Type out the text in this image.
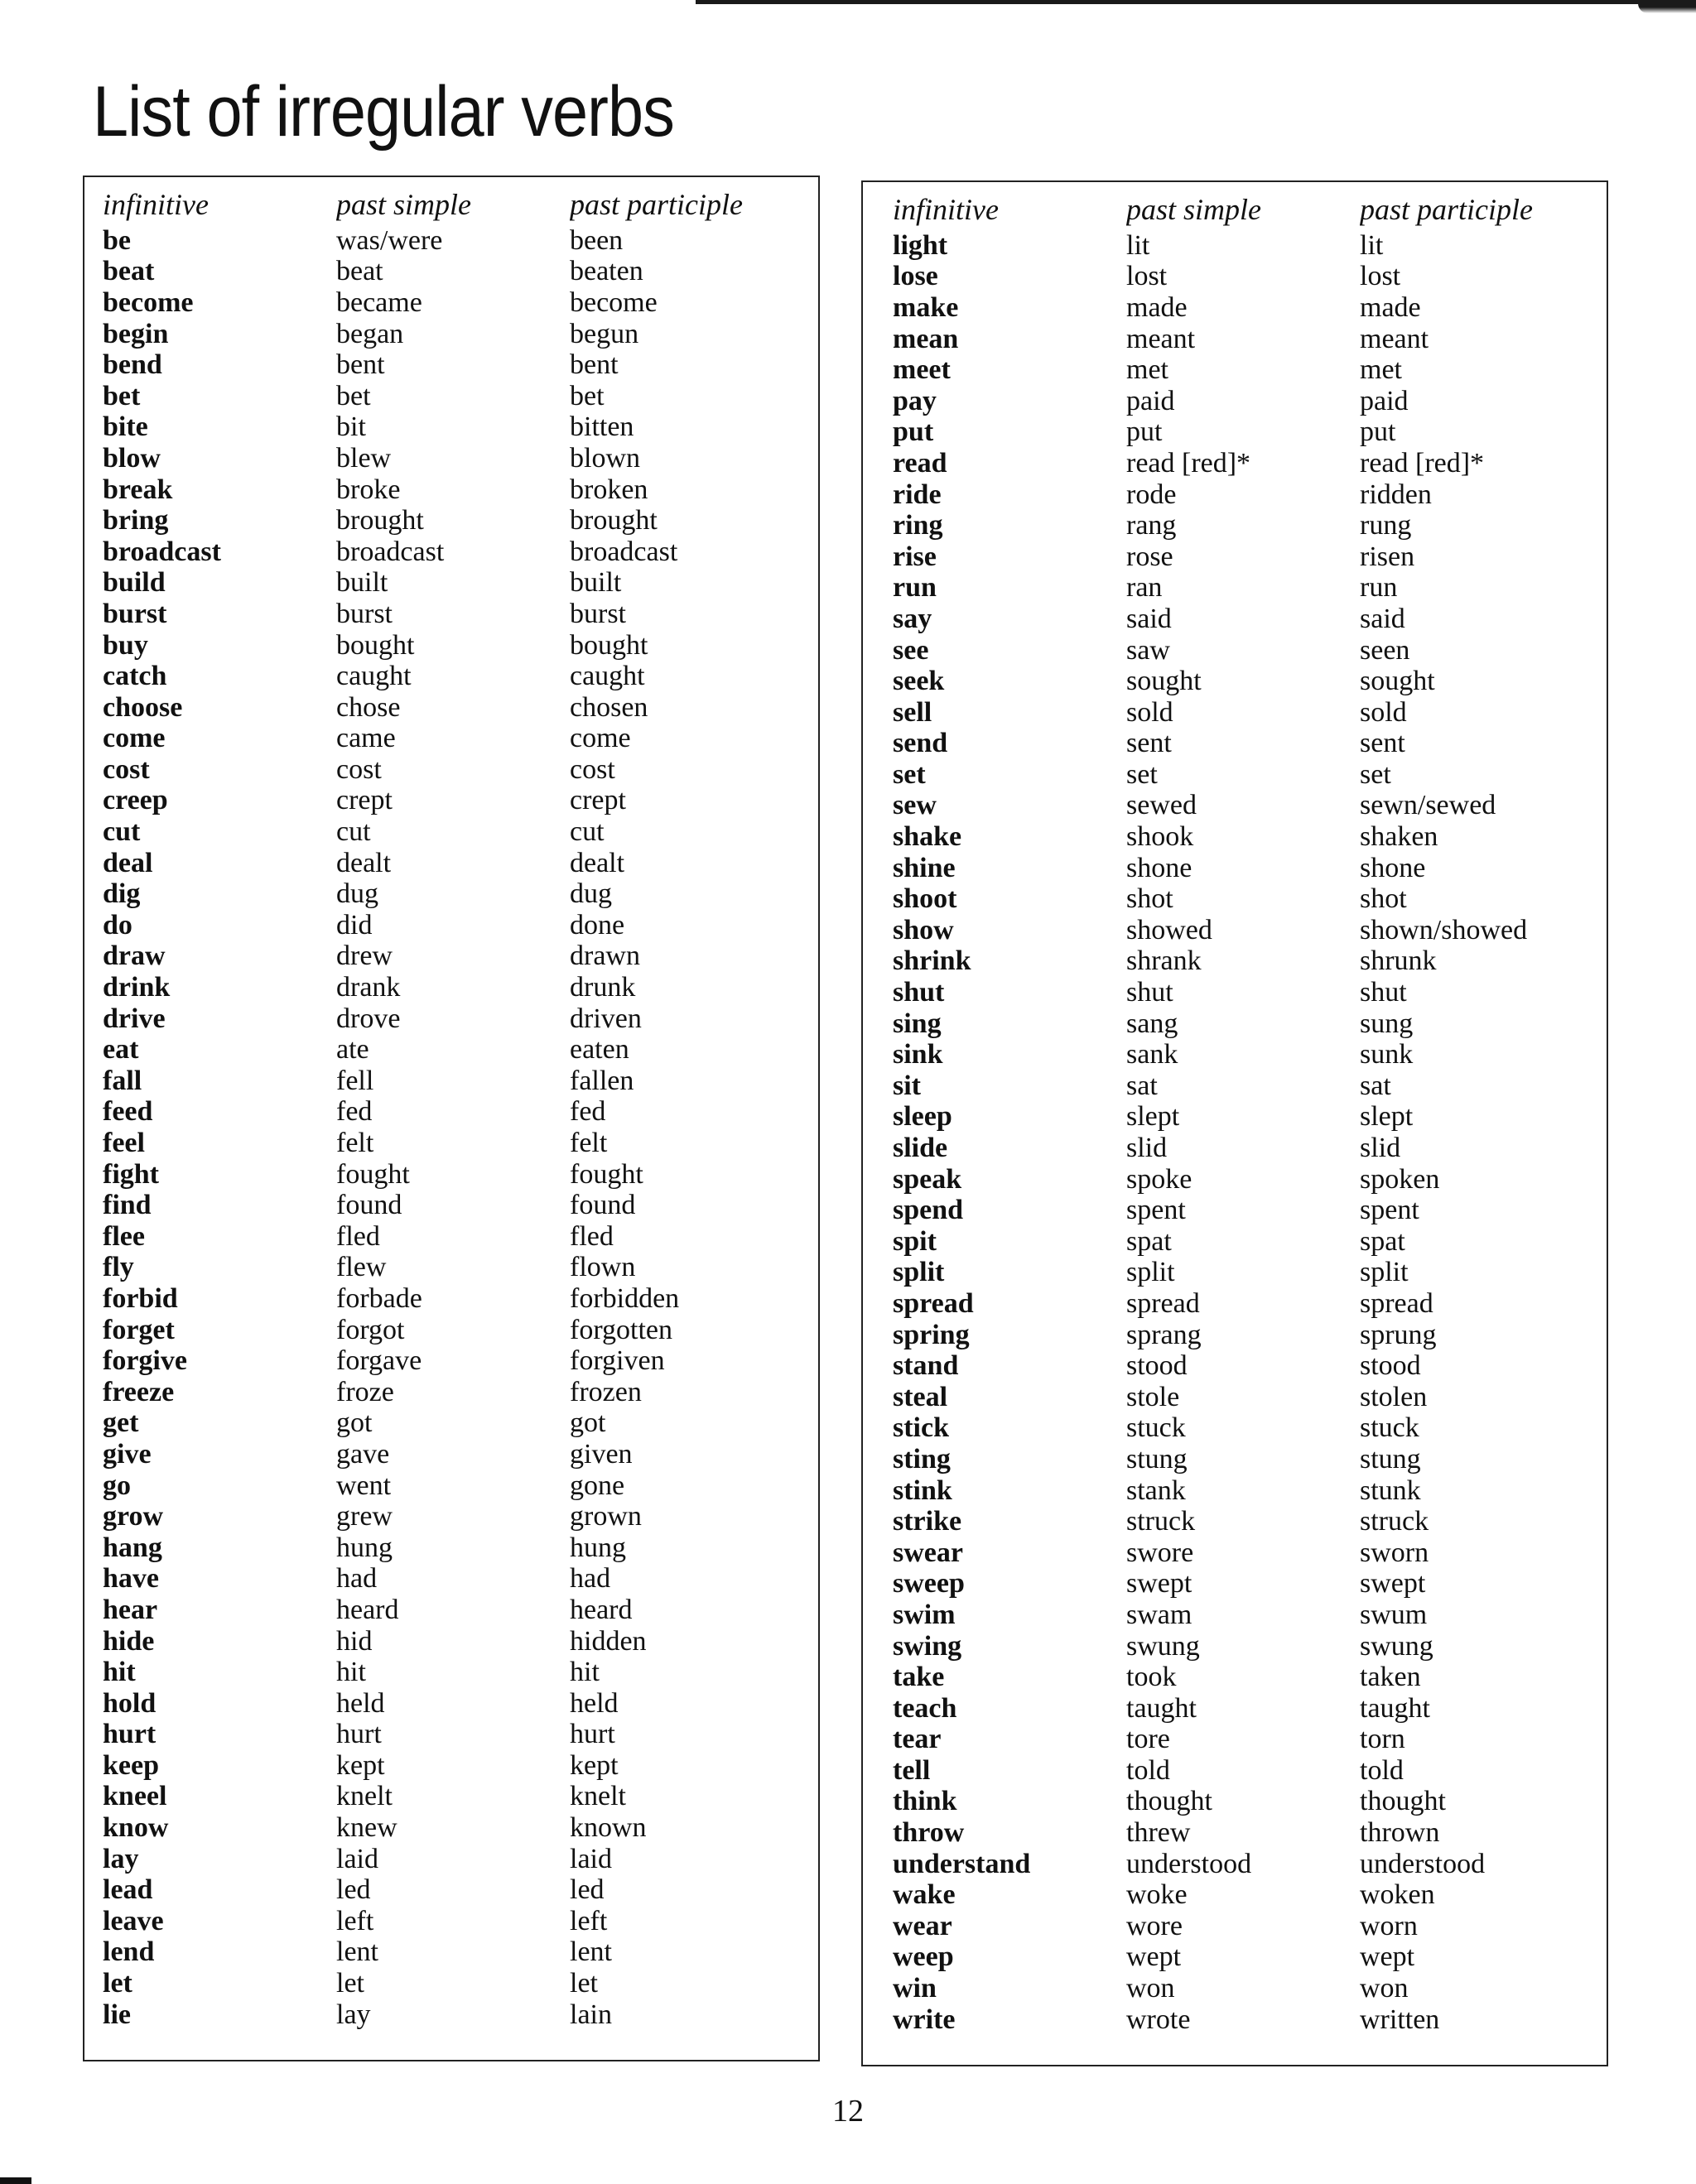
List of irregular verbs
infinitive	past simple	past participle
be	was/were	been
beat	beat	beaten
become	became	become
begin	began	begun
bend	bent	bent
bet	bet	bet
bite	bit	bitten
blow	blew	blown
break	broke	broken
bring	brought	brought
broadcast	broadcast	broadcast
build	built	built
burst	burst	burst
buy	bought	bought
catch	caught	caught
choose	chose	chosen
come	came	come
cost	cost	cost
creep	crept	crept
cut	cut	cut
deal	dealt	dealt
dig	dug	dug
do	did	done
draw	drew	drawn
drink	drank	drunk
drive	drove	driven
eat	ate	eaten
fall	fell	fallen
feed	fed	fed
feel	felt	felt
fight	fought	fought
find	found	found
flee	fled	fled
fly	flew	flown
forbid	forbade	forbidden
forget	forgot	forgotten
forgive	forgave	forgiven
freeze	froze	frozen
get	got	got
give	gave	given
go	went	gone
grow	grew	grown
hang	hung	hung
have	had	had
hear	heard	heard
hide	hid	hidden
hit	hit	hit
hold	held	held
hurt	hurt	hurt
keep	kept	kept
kneel	knelt	knelt
know	knew	known
lay	laid	laid
lead	led	led
leave	left	left
lend	lent	lent
let	let	let
lie	lay	lain
infinitive	past simple	past participle
light	lit	lit
lose	lost	lost
make	made	made
mean	meant	meant
meet	met	met
pay	paid	paid
put	put	put
read	read [red]*	read [red]*
ride	rode	ridden
ring	rang	rung
rise	rose	risen
run	ran	run
say	said	said
see	saw	seen
seek	sought	sought
sell	sold	sold
send	sent	sent
set	set	set
sew	sewed	sewn/sewed
shake	shook	shaken
shine	shone	shone
shoot	shot	shot
show	showed	shown/showed
shrink	shrank	shrunk
shut	shut	shut
sing	sang	sung
sink	sank	sunk
sit	sat	sat
sleep	slept	slept
slide	slid	slid
speak	spoke	spoken
spend	spent	spent
spit	spat	spat
split	split	split
spread	spread	spread
spring	sprang	sprung
stand	stood	stood
steal	stole	stolen
stick	stuck	stuck
sting	stung	stung
stink	stank	stunk
strike	struck	struck
swear	swore	sworn
sweep	swept	swept
swim	swam	swum
swing	swung	swung
take	took	taken
teach	taught	taught
tear	tore	torn
tell	told	told
think	thought	thought
throw	threw	thrown
understand	understood	understood
wake	woke	woken
wear	wore	worn
weep	wept	wept
win	won	won
write	wrote	written
12
